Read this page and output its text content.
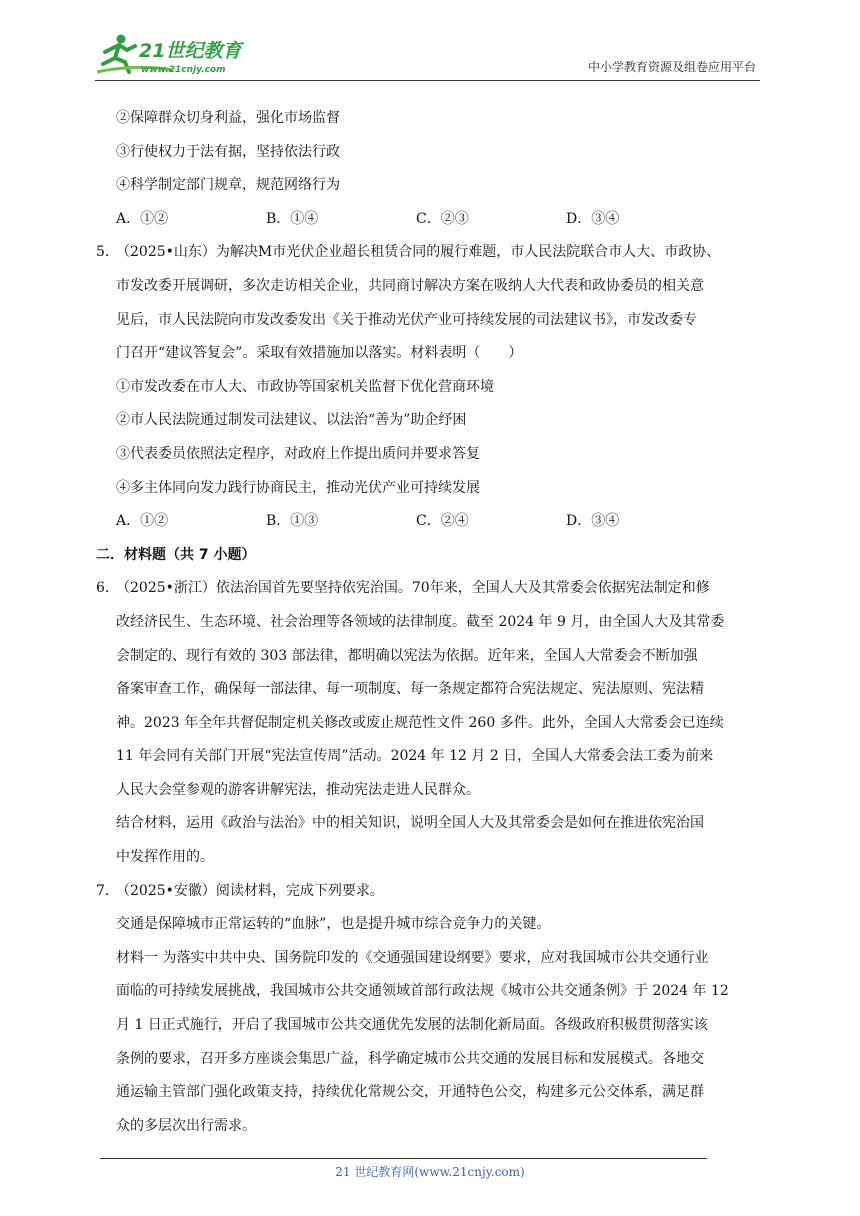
21世纪教育
www.21cnjy.com	中小学教育资源及组卷应用平台
②保障群众切身利益，强化市场监督
③行使权力于法有据，坚持依法行政
④科学制定部门规章，规范网络行为
A．①②	B．①④	C．②③	D．③④
5．（2025•山东）为解决M市光伏企业超长租赁合同的履行难题，市人民法院联合市人大、市政协、
市发改委开展调研，多次走访相关企业，共同商讨解决方案在吸纳人大代表和政协委员的相关意
见后，市人民法院向市发改委发出《关于推动光伏产业可持续发展的司法建议书》，市发改委专
门召开“建议答复会”。采取有效措施加以落实。材料表明（　　）
①市发改委在市人大、市政协等国家机关监督下优化营商环境
②市人民法院通过制发司法建议、以法治“善为”助企纾困
③代表委员依照法定程序，对政府上作提出质问并要求答复
④多主体同向发力践行协商民主，推动光伏产业可持续发展
A．①②	B．①③	C．②④	D．③④
二．材料题（共 7 小题）
6．（2025•浙江）依法治国首先要坚持依宪治国。70年来，全国人大及其常委会依据宪法制定和修
改经济民生、生态环境、社会治理等各领域的法律制度。截至 2024 年 9 月，由全国人大及其常委
会制定的、现行有效的 303 部法律，都明确以宪法为依据。近年来，全国人大常委会不断加强
备案审查工作，确保每一部法律、每一项制度、每一条规定都符合宪法规定、宪法原则、宪法精
神。2023 年全年共督促制定机关修改或废止规范性文件 260 多件。此外，全国人大常委会已连续
11 年会同有关部门开展“宪法宣传周”活动。2024 年 12 月 2 日，全国人大常委会法工委为前来
人民大会堂参观的游客讲解宪法，推动宪法走进人民群众。
结合材料，运用《政治与法治》中的相关知识，说明全国人大及其常委会是如何在推进依宪治国
中发挥作用的。
7．（2025•安徽）阅读材料，完成下列要求。
交通是保障城市正常运转的“血脉”，也是提升城市综合竞争力的关键。
材料一 为落实中共中央、国务院印发的《交通强国建设纲要》要求，应对我国城市公共交通行业
面临的可持续发展挑战，我国城市公共交通领域首部行政法规《城市公共交通条例》于 2024 年 12
月 1 日正式施行，开启了我国城市公共交通优先发展的法制化新局面。各级政府积极贯彻落实该
条例的要求，召开多方座谈会集思广益，科学确定城市公共交通的发展目标和发展模式。各地交
通运输主管部门强化政策支持，持续优化常规公交，开通特色公交，构建多元公交体系，满足群
众的多层次出行需求。
21 世纪教育网(www.21cnjy.com)
